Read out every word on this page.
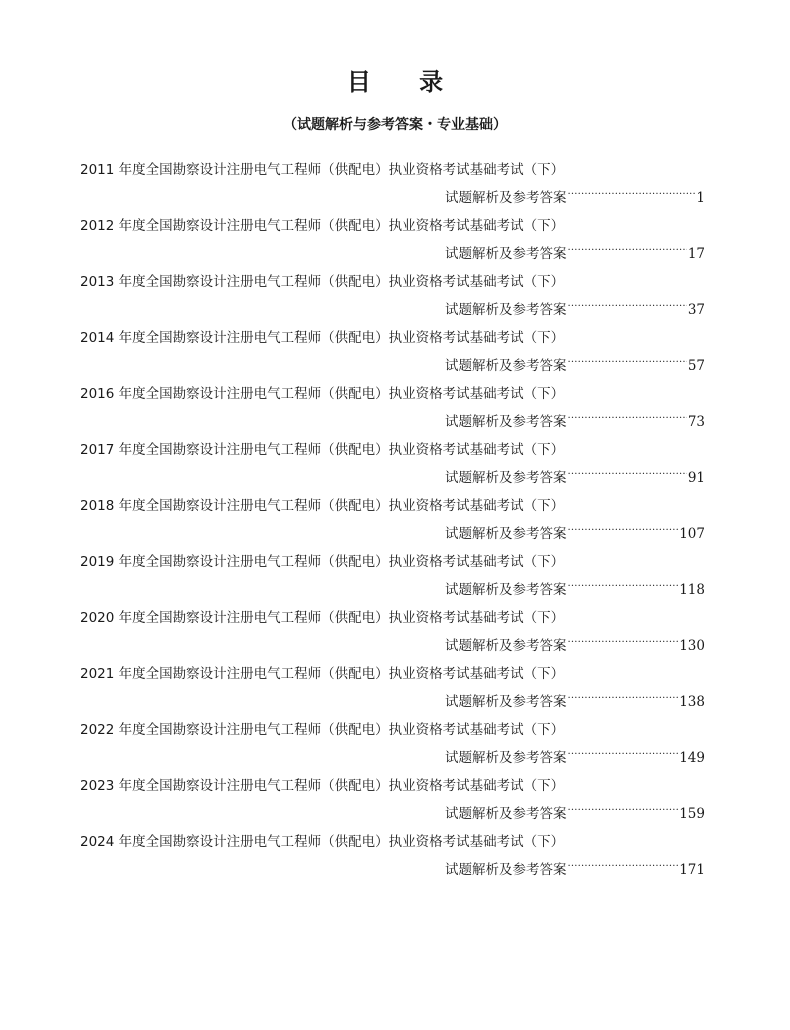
目 录

（试题解析与参考答案・专业基础）

2011 年度全国勘察设计注册电气工程师（供配电）执业资格考试基础考试（下）
试题解析及参考答案 .....	1
2012 年度全国勘察设计注册电气工程师（供配电）执业资格考试基础考试（下）
试题解析及参考答案 .....	17
2013 年度全国勘察设计注册电气工程师（供配电）执业资格考试基础考试（下）
试题解析及参考答案 .....	37
2014 年度全国勘察设计注册电气工程师（供配电）执业资格考试基础考试（下）
试题解析及参考答案 .....	57
2016 年度全国勘察设计注册电气工程师（供配电）执业资格考试基础考试（下）
试题解析及参考答案 .....	73
2017 年度全国勘察设计注册电气工程师（供配电）执业资格考试基础考试（下）
试题解析及参考答案 .....	91
2018 年度全国勘察设计注册电气工程师（供配电）执业资格考试基础考试（下）
试题解析及参考答案 .....	107
2019 年度全国勘察设计注册电气工程师（供配电）执业资格考试基础考试（下）
试题解析及参考答案 .....	118
2020 年度全国勘察设计注册电气工程师（供配电）执业资格考试基础考试（下）
试题解析及参考答案 .....	130
2021 年度全国勘察设计注册电气工程师（供配电）执业资格考试基础考试（下）
试题解析及参考答案 .....	138
2022 年度全国勘察设计注册电气工程师（供配电）执业资格考试基础考试（下）
试题解析及参考答案 .....	149
2023 年度全国勘察设计注册电气工程师（供配电）执业资格考试基础考试（下）
试题解析及参考答案 .....	159
2024 年度全国勘察设计注册电气工程师（供配电）执业资格考试基础考试（下）
试题解析及参考答案 .....	171
